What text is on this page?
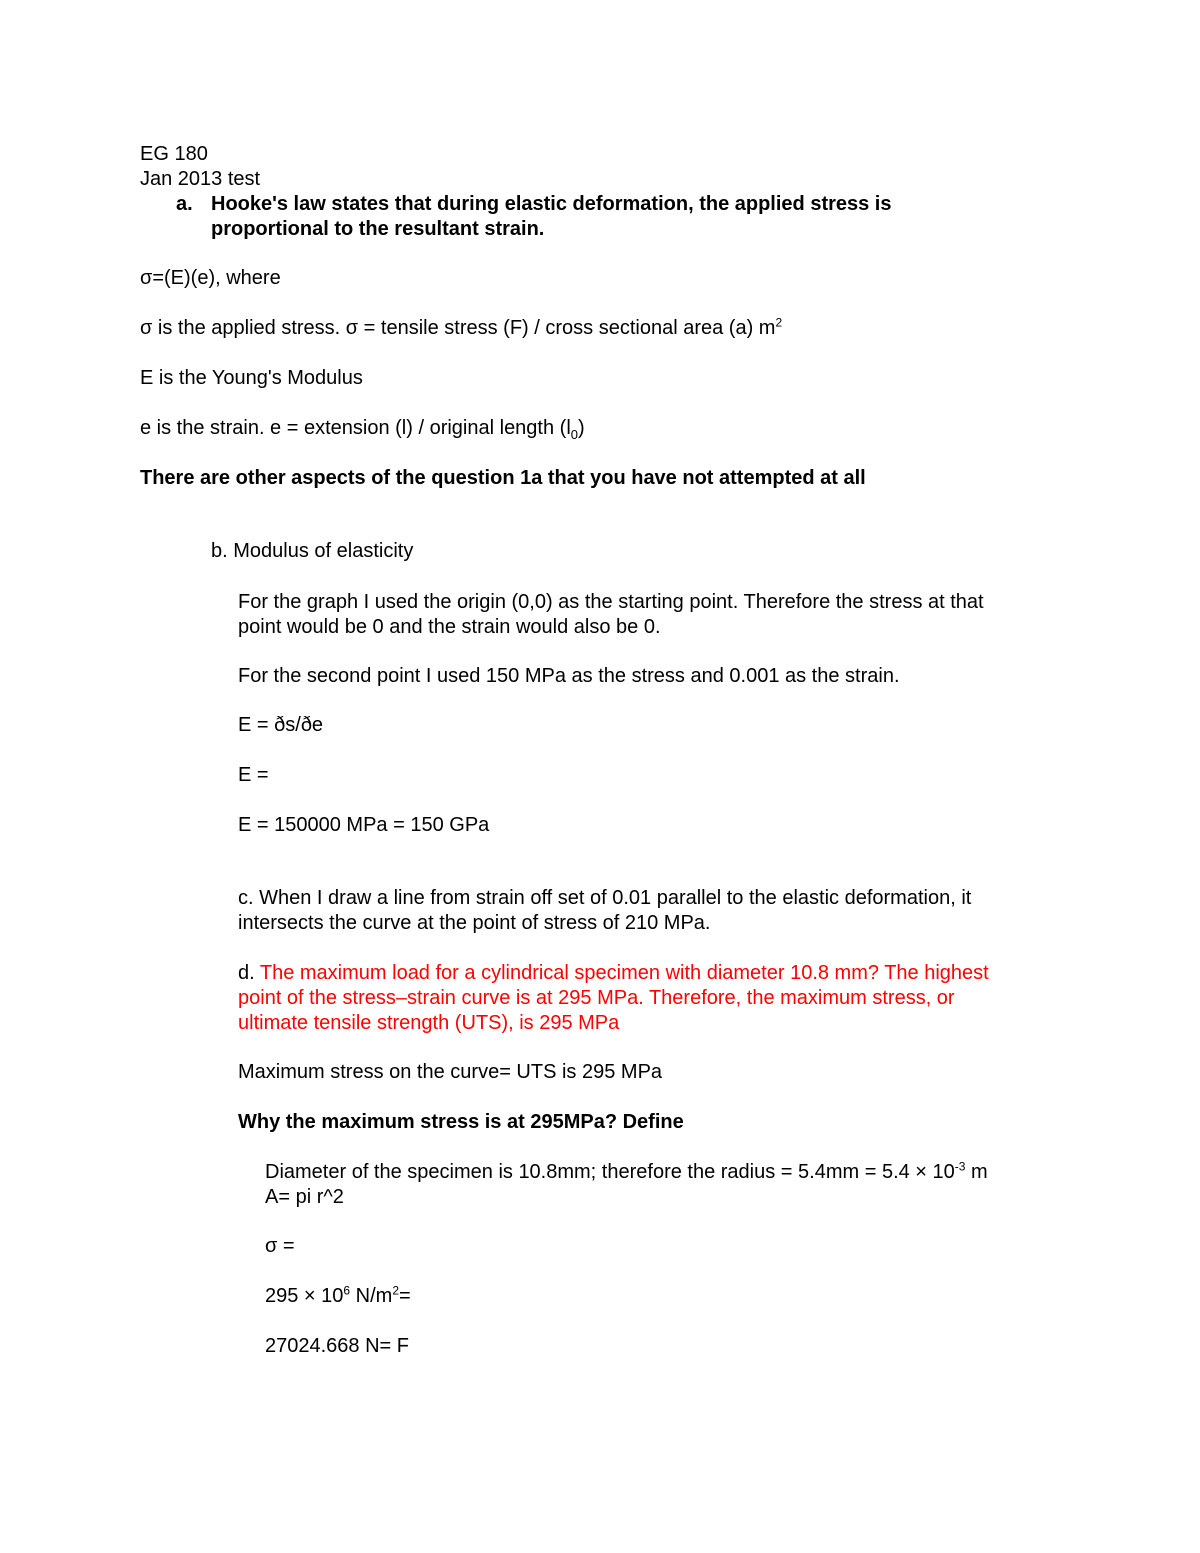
EG 180
Jan 2013 test
a. Hooke's law states that during elastic deformation, the applied stress is
proportional to the resultant strain.
σ=(E)(e), where
σ is the applied stress. σ = tensile stress (F) / cross sectional area (a) $m^2$
E is the Young's Modulus
e is the strain. e = extension (l) / original length $(l_0)$
There are other aspects of the question 1a that you have not attempted at all
b. Modulus of elasticity
For the graph I used the origin (0,0) as the starting point. Therefore the stress at that
point would be 0 and the strain would also be 0.
For the second point I used 150 MPa as the stress and 0.001 as the strain.
E = ðs/ðe
E =
E = 150000 MPa = 150 GPa
c. When I draw a line from strain off set of 0.01 parallel to the elastic deformation, it
intersects the curve at the point of stress of 210 MPa.
d. The maximum load for a cylindrical specimen with diameter 10.8 mm? The highest
point of the stress–strain curve is at 295 MPa. Therefore, the maximum stress, or
ultimate tensile strength (UTS), is 295 MPa
Maximum stress on the curve= UTS is 295 MPa
Why the maximum stress is at 295MPa? Define
Diameter of the specimen is 10.8mm; therefore the radius = $5.4mm = 5.4 \times 10^{-3}$ m
A= pi r^2
σ =
$295 \times 10^6$ $N/m^2=$
27024.668 N= F
